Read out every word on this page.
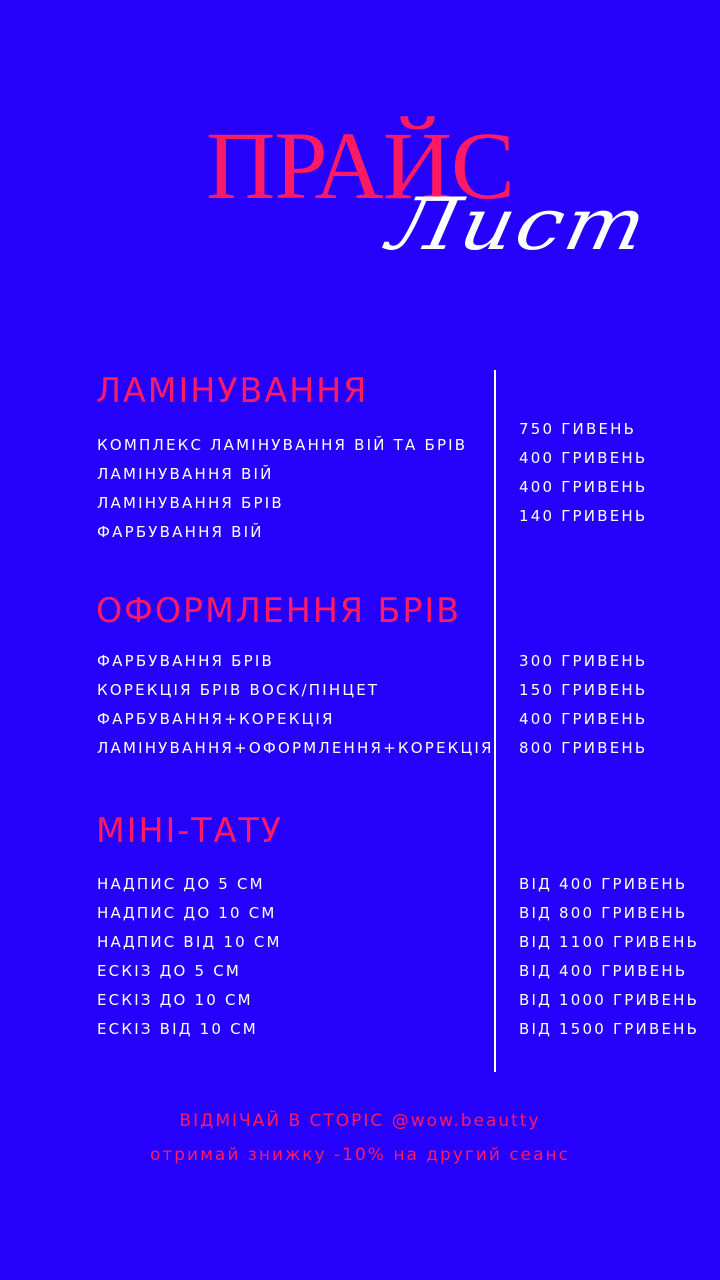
ПРАЙС
Лист
ЛАМІНУВАННЯ
КОМПЛЕКС ЛАМІНУВАННЯ ВІЙ ТА БРІВ
ЛАМІНУВАННЯ ВІЙ
ЛАМІНУВАННЯ БРІВ
ФАРБУВАННЯ ВІЙ
750 ГИВЕНЬ
400 ГРИВЕНЬ
400 ГРИВЕНЬ
140 ГРИВЕНЬ
ОФОРМЛЕННЯ БРІВ
ФАРБУВАННЯ БРІВ
КОРЕКЦІЯ БРІВ ВОСК/ПІНЦЕТ
ФАРБУВАННЯ+КОРЕКЦІЯ
ЛАМІНУВАННЯ+ОФОРМЛЕННЯ+КОРЕКЦІЯ
300 ГРИВЕНЬ
150 ГРИВЕНЬ
400 ГРИВЕНЬ
800 ГРИВЕНЬ
МІНІ-ТАТУ
НАДПИС ДО 5 СМ
НАДПИС ДО 10 СМ
НАДПИС ВІД 10 СМ
ЕСКІЗ ДО 5 СМ
ЕСКІЗ ДО 10 СМ
ЕСКІЗ ВІД 10 СМ
ВІД 400 ГРИВЕНЬ
ВІД 800 ГРИВЕНЬ
ВІД 1100 ГРИВЕНЬ
ВІД 400 ГРИВЕНЬ
ВІД 1000 ГРИВЕНЬ
ВІД 1500 ГРИВЕНЬ
ВІДМІЧАЙ В СТОРІС @wow.beautty
отримай знижку -10% на другий сеанс
